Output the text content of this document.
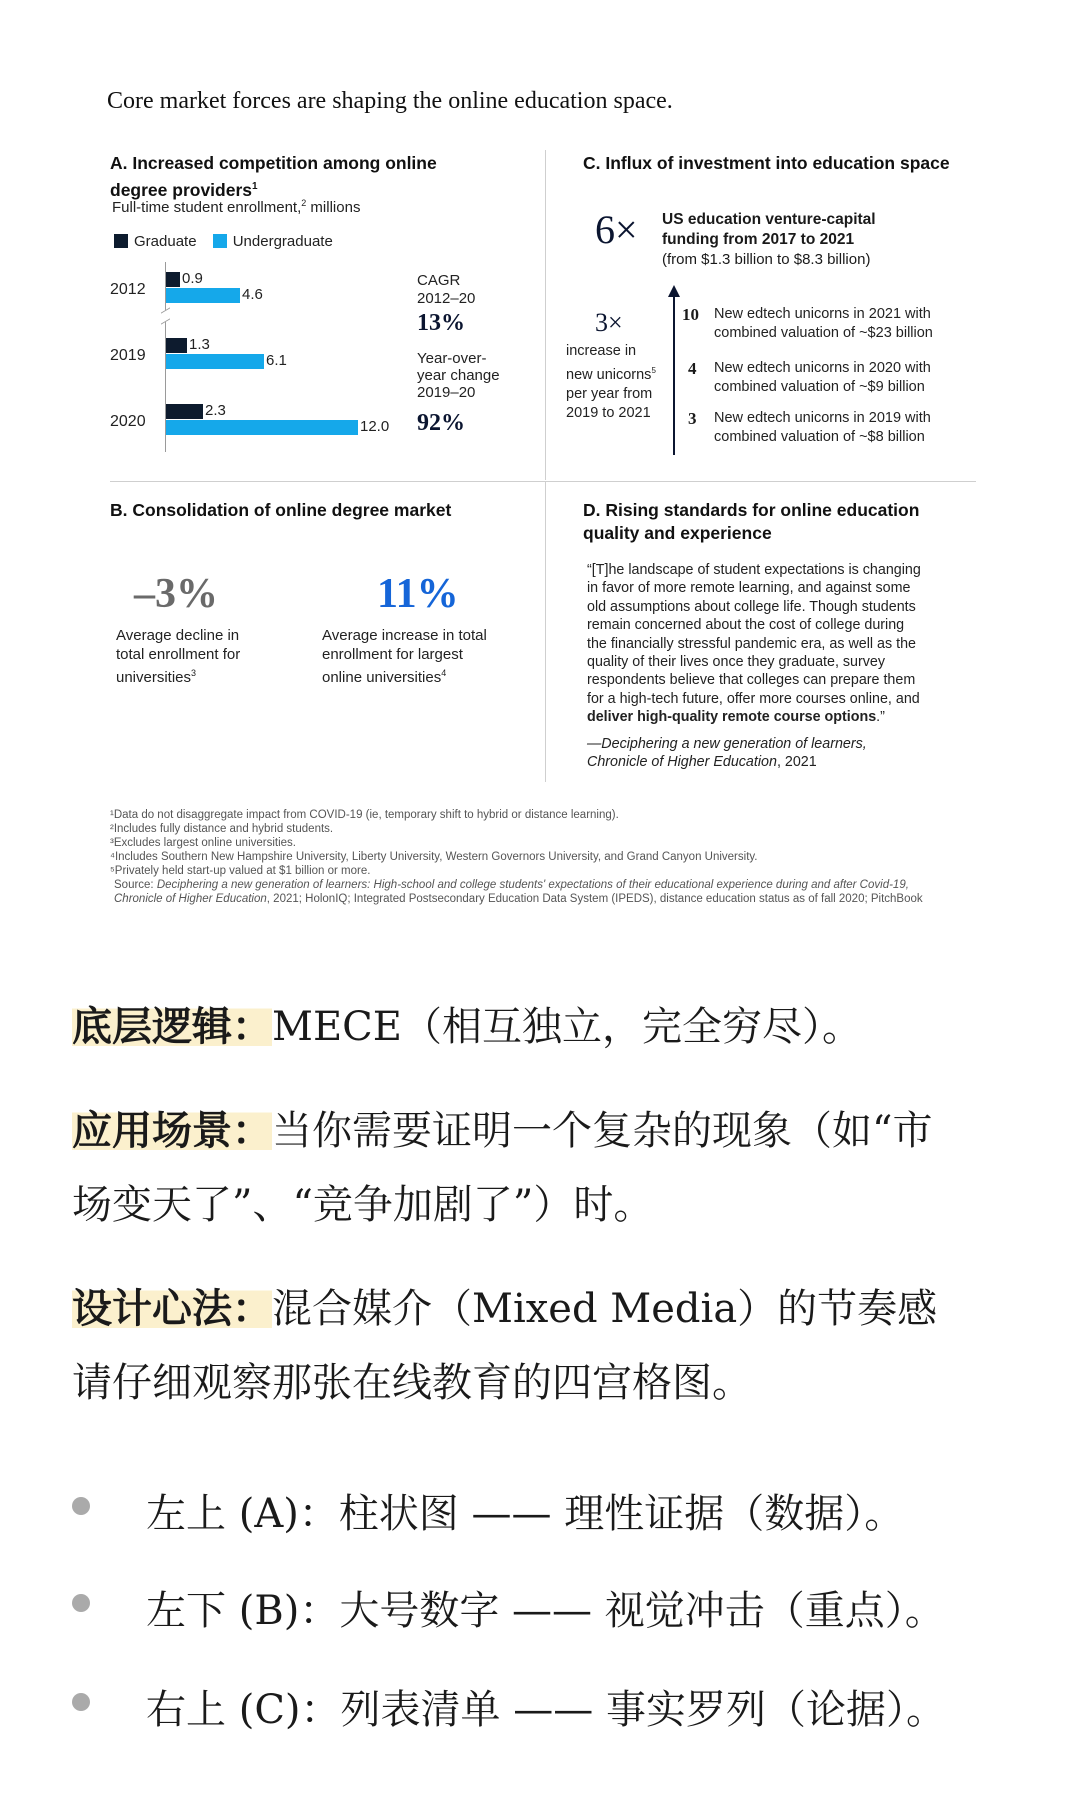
Core market forces are shaping the online education space.
A. Increased competition among online
degree providers$^1$
Full-time student enrollment,$^2$ millions
Graduate Undergraduate
2012
0.9
4.6
2019
1.3
6.1
2020
2.3
12.0
CAGR
2012–20
13%
Year-over-
year change
2019–20
92%
B. Consolidation of online degree market
–3%
Average decline in
total enrollment for
universities$^3$
11%
Average increase in total
enrollment for largest
online universities$^4$
C. Influx of investment into education space
6× US education venture-capital
funding from 2017 to 2021
(from $1.3 billion to $8.3 billion)
3×
increase in
new unicorns$^5$
per year from
2019 to 2021
10 New edtech unicorns in 2021 with
combined valuation of ~$23 billion
4 New edtech unicorns in 2020 with
combined valuation of ~$9 billion
3 New edtech unicorns in 2019 with
combined valuation of ~$8 billion
D. Rising standards for online education
quality and experience
“[T]he landscape of student expectations is changing
in favor of more remote learning, and against some
old assumptions about college life. Though students
remain concerned about the cost of college during
the financially stressful pandemic era, as well as the
quality of their lives once they graduate, survey
respondents believe that colleges can prepare them
for a high-tech future, offer more courses online, and
deliver high-quality remote course options.”
—Deciphering a new generation of learners,
Chronicle of Higher Education, 2021
¹Data do not disaggregate impact from COVID-19 (ie, temporary shift to hybrid or distance learning).
²Includes fully distance and hybrid students.
³Excludes largest online universities.
⁴Includes Southern New Hampshire University, Liberty University, Western Governors University, and Grand Canyon University.
⁵Privately held start-up valued at $1 billion or more.
Source: Deciphering a new generation of learners: High-school and college students' expectations of their educational experience during and after Covid-19,
Chronicle of Higher Education, 2021; HolonIQ; Integrated Postsecondary Education Data System (IPEDS), distance education status as of fall 2020; PitchBook
底层逻辑：MECE（相互独立，完全穷尽）。
应用场景：当你需要证明一个复杂的现象（如“市
场变天了”、“竞争加剧了”）时。
设计心法：混合媒介（Mixed Media）的节奏感
请仔细观察那张在线教育的四宫格图。
左上 (A)：柱状图 —— 理性证据（数据）。
左下 (B)：大号数字 —— 视觉冲击（重点）。
右上 (C)：列表清单 —— 事实罗列（论据）。
